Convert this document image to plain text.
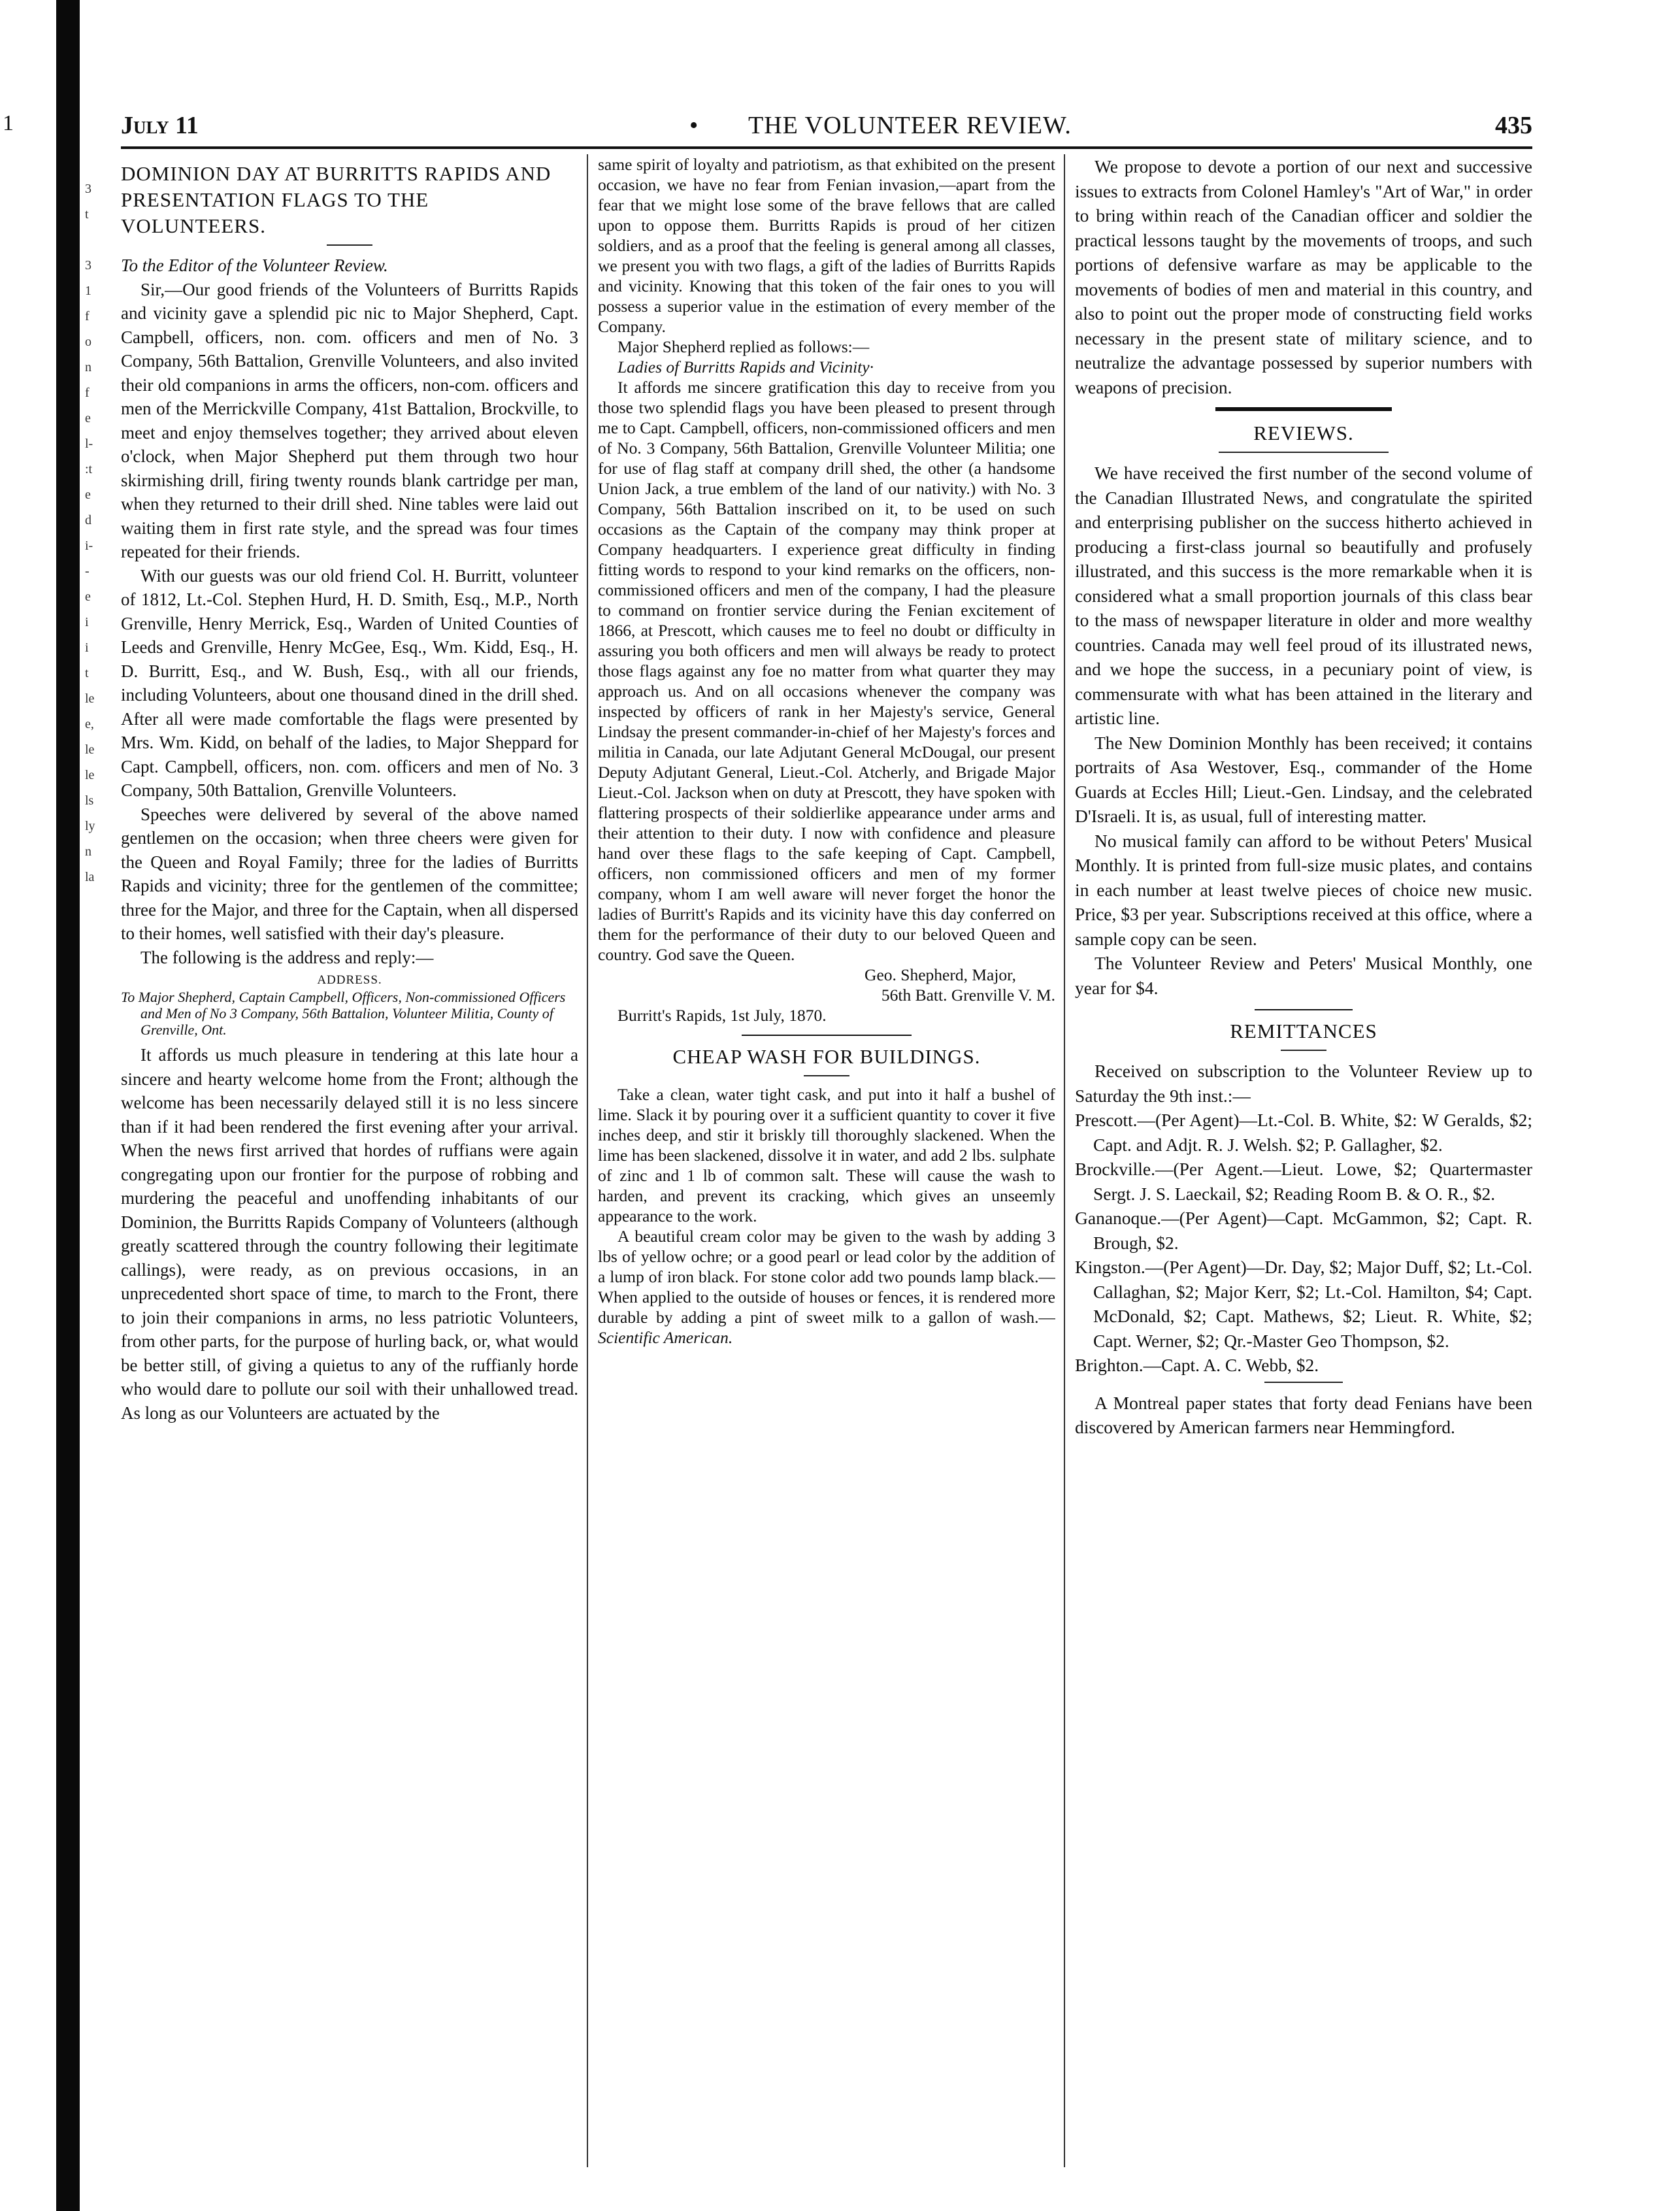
1
3
t

3
1
f
o
n
f
e
l-
:t
e
d
i-
-
e
i
i
t
le
e,
le
le
ls
ly
n
la
July 11	• THE VOLUNTEER REVIEW.	435
DOMINION DAY AT BURRITTS RAPIDS AND PRESENTATION FLAGS TO THE VOLUNTEERS.

To the Editor of the Volunteer Review.

Sir,—Our good friends of the Volunteers of Burritts Rapids and vicinity gave a splendid pic nic to Major Shepherd, Capt. Campbell, officers, non. com. officers and men of No. 3 Company, 56th Battalion, Grenville Volunteers, and also invited their old companions in arms the officers, non-com. officers and men of the Merrickville Company, 41st Battalion, Brockville, to meet and enjoy themselves together; they arrived about eleven o'clock, when Major Shepherd put them through two hour skirmishing drill, firing twenty rounds blank cartridge per man, when they returned to their drill shed. Nine tables were laid out waiting them in first rate style, and the spread was four times repeated for their friends.

With our guests was our old friend Col. H. Burritt, volunteer of 1812, Lt.-Col. Stephen Hurd, H. D. Smith, Esq., M.P., North Grenville, Henry Merrick, Esq., Warden of United Counties of Leeds and Grenville, Henry McGee, Esq., Wm. Kidd, Esq., H. D. Burritt, Esq., and W. Bush, Esq., with all our friends, including Volunteers, about one thousand dined in the drill shed. After all were made comfortable the flags were presented by Mrs. Wm. Kidd, on behalf of the ladies, to Major Sheppard for Capt. Campbell, officers, non. com. officers and men of No. 3 Company, 50th Battalion, Grenville Volunteers.

Speeches were delivered by several of the above named gentlemen on the occasion; when three cheers were given for the Queen and Royal Family; three for the ladies of Burritts Rapids and vicinity; three for the gentlemen of the committee; three for the Major, and three for the Captain, when all dispersed to their homes, well satisfied with their day's pleasure.

The following is the address and reply:—

ADDRESS.
To Major Shepherd, Captain Campbell, Officers, Non-commissioned Officers and Men of No 3 Company, 56th Battalion, Volunteer Militia, County of Grenville, Ont.

It affords us much pleasure in tendering at this late hour a sincere and hearty welcome home from the Front; although the welcome has been necessarily delayed still it is no less sincere than if it had been rendered the first evening after your arrival. When the news first arrived that hordes of ruffians were again congregating upon our frontier for the purpose of robbing and murdering the peaceful and unoffending inhabitants of our Dominion, the Burritts Rapids Company of Volunteers (although greatly scattered through the country following their legitimate callings), were ready, as on previous occasions, in an unprecedented short space of time, to march to the Front, there to join their companions in arms, no less patriotic Volunteers, from other parts, for the purpose of hurling back, or, what would be better still, of giving a quietus to any of the ruffianly horde who would dare to pollute our soil with their unhallowed tread. As long as our Volunteers are actuated by the

same spirit of loyalty and patriotism, as that exhibited on the present occasion, we have no fear from Fenian invasion,—apart from the fear that we might lose some of the brave fellows that are called upon to oppose them. Burritts Rapids is proud of her citizen soldiers, and as a proof that the feeling is general among all classes, we present you with two flags, a gift of the ladies of Burritts Rapids and vicinity. Knowing that this token of the fair ones to you will possess a superior value in the estimation of every member of the Company.

Major Shepherd replied as follows:—

Ladies of Burritts Rapids and Vicinity·

It affords me sincere gratification this day to receive from you those two splendid flags you have been pleased to present through me to Capt. Campbell, officers, non-commissioned officers and men of No. 3 Company, 56th Battalion, Grenville Volunteer Militia; one for use of flag staff at company drill shed, the other (a handsome Union Jack, a true emblem of the land of our nativity.) with No. 3 Company, 56th Battalion inscribed on it, to be used on such occasions as the Captain of the company may think proper at Company headquarters. I experience great difficulty in finding fitting words to respond to your kind remarks on the officers, non-commissioned officers and men of the company, I had the pleasure to command on frontier service during the Fenian excitement of 1866, at Prescott, which causes me to feel no doubt or difficulty in assuring you both officers and men will always be ready to protect those flags against any foe no matter from what quarter they may approach us. And on all occasions whenever the company was inspected by officers of rank in her Majesty's service, General Lindsay the present commander-in-chief of her Majesty's forces and militia in Canada, our late Adjutant General McDougal, our present Deputy Adjutant General, Lieut.-Col. Atcherly, and Brigade Major Lieut.-Col. Jackson when on duty at Prescott, they have spoken with flattering prospects of their soldierlike appearance under arms and their attention to their duty. I now with confidence and pleasure hand over these flags to the safe keeping of Capt. Campbell, officers, non commissioned officers and men of my former company, whom I am well aware will never forget the honor the ladies of Burritt's Rapids and its vicinity have this day conferred on them for the performance of their duty to our beloved Queen and country. God save the Queen.

Geo. Shepherd, Major,
56th Batt. Grenville V. M.

Burritt's Rapids, 1st July, 1870.

CHEAP WASH FOR BUILDINGS.

Take a clean, water tight cask, and put into it half a bushel of lime. Slack it by pouring over it a sufficient quantity to cover it five inches deep, and stir it briskly till thoroughly slackened. When the lime has been slackened, dissolve it in water, and add 2 lbs. sulphate of zinc and 1 lb of common salt. These will cause the wash to harden, and prevent its cracking, which gives an unseemly appearance to the work.

A beautiful cream color may be given to the wash by adding 3 lbs of yellow ochre; or a good pearl or lead color by the addition of a lump of iron black. For stone color add two pounds lamp black.—When applied to the outside of houses or fences, it is rendered more durable by adding a pint of sweet milk to a gallon of wash.—Scientific American.

We propose to devote a portion of our next and successive issues to extracts from Colonel Hamley's "Art of War," in order to bring within reach of the Canadian officer and soldier the practical lessons taught by the movements of troops, and such portions of defensive warfare as may be applicable to the movements of bodies of men and material in this country, and also to point out the proper mode of constructing field works necessary in the present state of military science, and to neutralize the advantage possessed by superior numbers with weapons of precision.

REVIEWS.

We have received the first number of the second volume of the Canadian Illustrated News, and congratulate the spirited and enterprising publisher on the success hitherto achieved in producing a first-class journal so beautifully and profusely illustrated, and this success is the more remarkable when it is considered what a small proportion journals of this class bear to the mass of newspaper literature in older and more wealthy countries. Canada may well feel proud of its illustrated news, and we hope the success, in a pecuniary point of view, is commensurate with what has been attained in the literary and artistic line.

The New Dominion Monthly has been received; it contains portraits of Asa Westover, Esq., commander of the Home Guards at Eccles Hill; Lieut.-Gen. Lindsay, and the celebrated D'Israeli. It is, as usual, full of interesting matter.

No musical family can afford to be without Peters' Musical Monthly. It is printed from full-size music plates, and contains in each number at least twelve pieces of choice new music. Price, $3 per year. Subscriptions received at this office, where a sample copy can be seen.

The Volunteer Review and Peters' Musical Monthly, one year for $4.

REMITTANCES

Received on subscription to the Volunteer Review up to Saturday the 9th inst.:—

Prescott.—(Per Agent)—Lt.-Col. B. White, $2: W Geralds, $2; Capt. and Adjt. R. J. Welsh. $2; P. Gallagher, $2.

Brockville.—(Per Agent.—Lieut. Lowe, $2; Quartermaster Sergt. J. S. Laeckail, $2; Reading Room B. & O. R., $2.

Gananoque.—(Per Agent)—Capt. McGammon, $2; Capt. R. Brough, $2.

Kingston.—(Per Agent)—Dr. Day, $2; Major Duff, $2; Lt.-Col. Callaghan, $2; Major Kerr, $2; Lt.-Col. Hamilton, $4; Capt. McDonald, $2; Capt. Mathews, $2; Lieut. R. White, $2; Capt. Werner, $2; Qr.-Master Geo Thompson, $2.

Brighton.—Capt. A. C. Webb, $2.

A Montreal paper states that forty dead Fenians have been discovered by American farmers near Hemmingford.
